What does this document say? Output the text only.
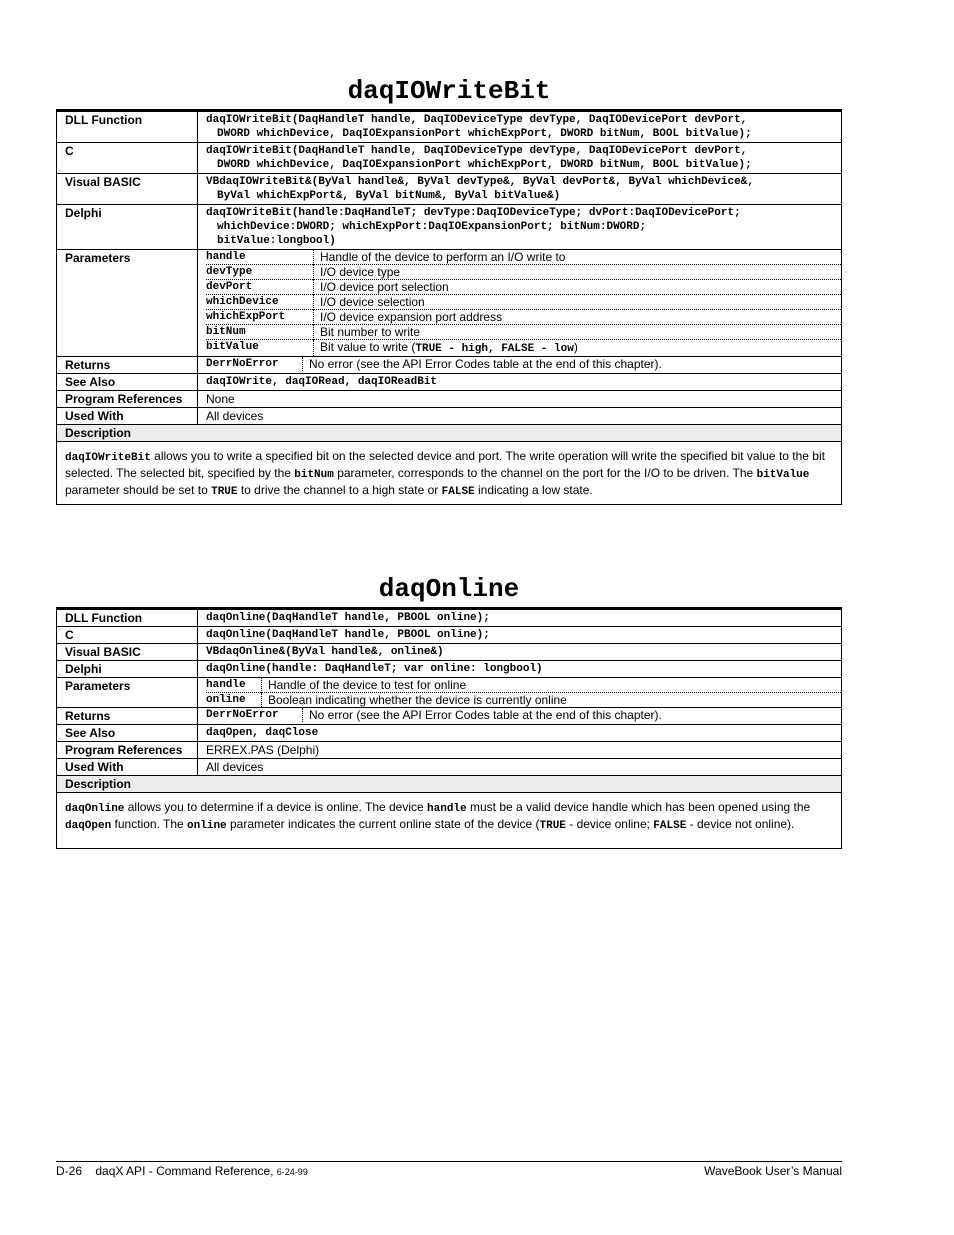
daqIOWriteBit
DLL Function	daqIOWriteBit(DaqHandleT handle, DaqIODeviceType devType, DaqIODevicePort devPort,
DWORD whichDevice, DaqIOExpansionPort whichExpPort, DWORD bitNum, BOOL bitValue);

C	daqIOWriteBit(DaqHandleT handle, DaqIODeviceType devType, DaqIODevicePort devPort,
DWORD whichDevice, DaqIOExpansionPort whichExpPort, DWORD bitNum, BOOL bitValue);

Visual BASIC	VBdaqIOWriteBit&(ByVal handle&, ByVal devType&, ByVal devPort&, ByVal whichDevice&,
ByVal whichExpPort&, ByVal bitNum&, ByVal bitValue&)

Delphi	daqIOWriteBit(handle:DaqHandleT; devType:DaqIODeviceType; dvPort:DaqIODevicePort;
whichDevice:DWORD; whichExpPort:DaqIOExpansionPort; bitNum:DWORD;
bitValue:longbool)

Parameters		handle	Handle of the device to perform an I/O write to
devType	I/O device type
devPort	I/O device port selection
whichDevice	I/O device selection
whichExpPort	I/O device expansion port address
bitNum	Bit number to write
bitValue	Bit value to write (TRUE - high, FALSE - low)

Returns		DerrNoError	No error (see the API Error Codes table at the end of this chapter).

See Also	daqIOWrite, daqIORead, daqIOReadBit
Program References	None
Used With	All devices
Description
daqIOWriteBit allows you to write a specified bit on the selected device and port. The write operation will write the specified bit value to the bit selected. The selected bit, specified by the bitNum parameter, corresponds to the channel on the port for the I/O to be driven. The bitValue parameter should be set to TRUE to drive the channel to a high state or FALSE indicating a low state.
daqOnline
DLL Function	daqOnline(DaqHandleT handle, PBOOL online);
C	daqOnline(DaqHandleT handle, PBOOL online);
Visual BASIC	VBdaqOnline&(ByVal handle&, online&)
Delphi	daqOnline(handle: DaqHandleT; var online: longbool)
Parameters		handle	Handle of the device to test for online
online	Boolean indicating whether the device is currently online

Returns		DerrNoError	No error (see the API Error Codes table at the end of this chapter).

See Also	daqOpen, daqClose
Program References	ERREX.PAS (Delphi)
Used With	All devices
Description
daqOnline allows you to determine if a device is online. The device handle must be a valid device handle which has been opened using the daqOpen function. The online parameter indicates the current online state of the device (TRUE - device online; FALSE - device not online).
D-26 daqX API - Command Reference, 6-24-99	WaveBook User’s Manual
